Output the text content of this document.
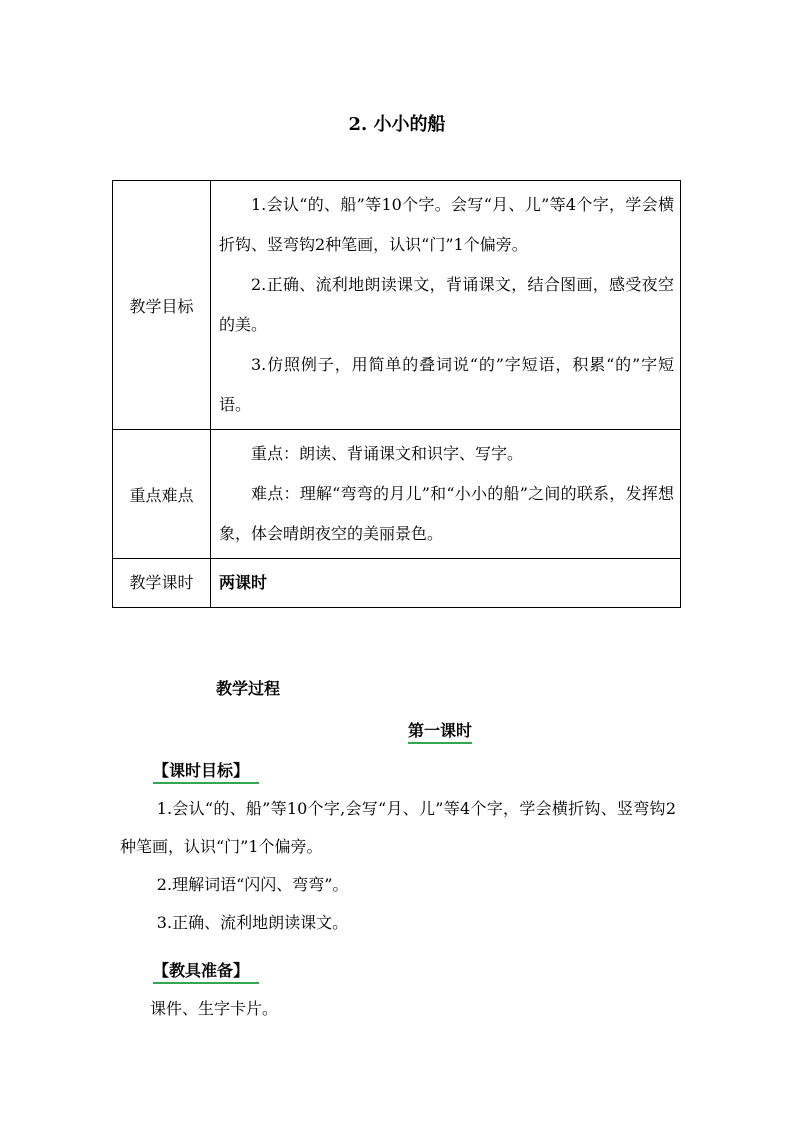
2. 小小的船
教学目标	1.会认“的、船”等10个字。会写“月、儿”等4个字，学会横折钩、竖弯钩2种笔画，认识“门”1个偏旁。

2.正确、流利地朗读课文，背诵课文，结合图画，感受夜空的美。

3.仿照例子，用简单的叠词说“的”字短语，积累“的”字短语。

重点难点	重点：朗读、背诵课文和识字、写字。

难点：理解“弯弯的月儿”和“小小的船”之间的联系，发挥想象，体会晴朗夜空的美丽景色。

教学课时	两课时
教学过程
第一课时
【课时目标】

1.会认“的、船”等10个字,会写“月、儿”等4个字，学会横折钩、竖弯钩2种笔画，认识“门”1个偏旁。

2.理解词语“闪闪、弯弯”。

3.正确、流利地朗读课文。

【教具准备】
课件、生字卡片。
